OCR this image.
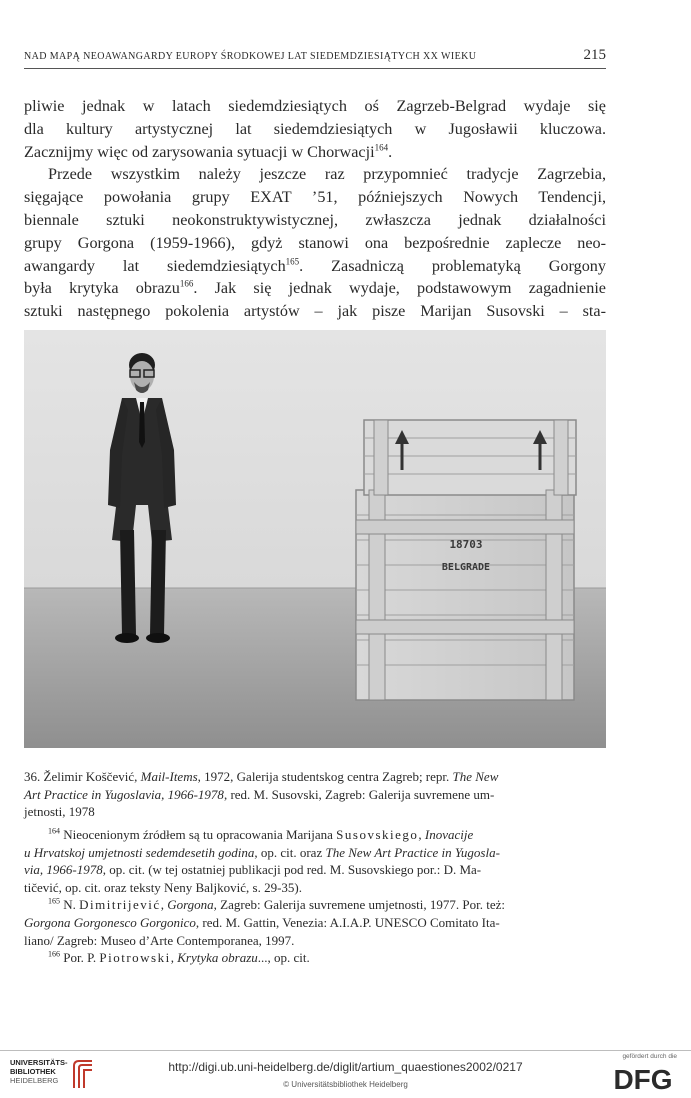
NAD MAPĄ NEOAWANGARDY EUROPY ŚRODKOWEJ LAT SIEDEMDZIESIĄTYCH XX WIEKU	215
pliwie jednak w latach siedemdziesiątych oś Zagrzeb-Belgrad wydaje się
dla kultury artystycznej lat siedemdziesiątych w Jugosławii kluczowa.
Zacznijmy więc od zarysowania sytuacji w Chorwacji$^{164}$.
Przede wszystkim należy jeszcze raz przypomnieć tradycje Zagrzebia,
sięgające powołania grupy EXAT ’51, późniejszych Nowych Tendencji,
biennale sztuki neokonstruktywistycznej, zwłaszcza jednak działalności
grupy Gorgona (1959-1966), gdyż stanowi ona bezpośrednie zaplecze neo-
awangardy lat siedemdziesiątych$^{165}$. Zasadniczą problematyką Gorgony
była krytyka obrazu$^{166}$. Jak się jednak wydaje, podstawowym zagadnienie
sztuki następnego pokolenia artystów – jak pisze Marijan Susovski – sta-
18703
BELGRADE
36. Želimir Koščević, Mail-Items, 1972, Galerija studentskog centra Zagreb; repr. The New
Art Practice in Yugoslavia, 1966-1978, red. M. Susovski, Zagreb: Galerija suvremene um-
jetnosti, 1978
$^{164}$ Nieocenionym źródłem są tu opracowania Marijana Susovskiego, Inovacije
u Hrvatskoj umjetnosti sedemdesetih godina, op. cit. oraz The New Art Practice in Yugosla-
via, 1966-1978, op. cit. (w tej ostatniej publikacji pod red. M. Susovskiego por.: D. Ma-
tičević, op. cit. oraz teksty Neny Baljković, s. 29-35).
$^{165}$ N. Dimitrijević, Gorgona, Zagreb: Galerija suvremene umjetnosti, 1977. Por. też:
Gorgona Gorgonesco Gorgonico, red. M. Gattin, Venezia: A.I.A.P. UNESCO Comitato Ita-
liano/ Zagreb: Museo d’Arte Contemporanea, 1997.
$^{166}$ Por. P. Piotrowski, Krytyka obrazu..., op. cit.
UNIVERSITÄTS-
BIBLIOTHEK
HEIDELBERG
http://digi.ub.uni-heidelberg.de/diglit/artium_quaestiones2002/0217
© Universitätsbibliothek Heidelberg
gefördert durch die
DFG
